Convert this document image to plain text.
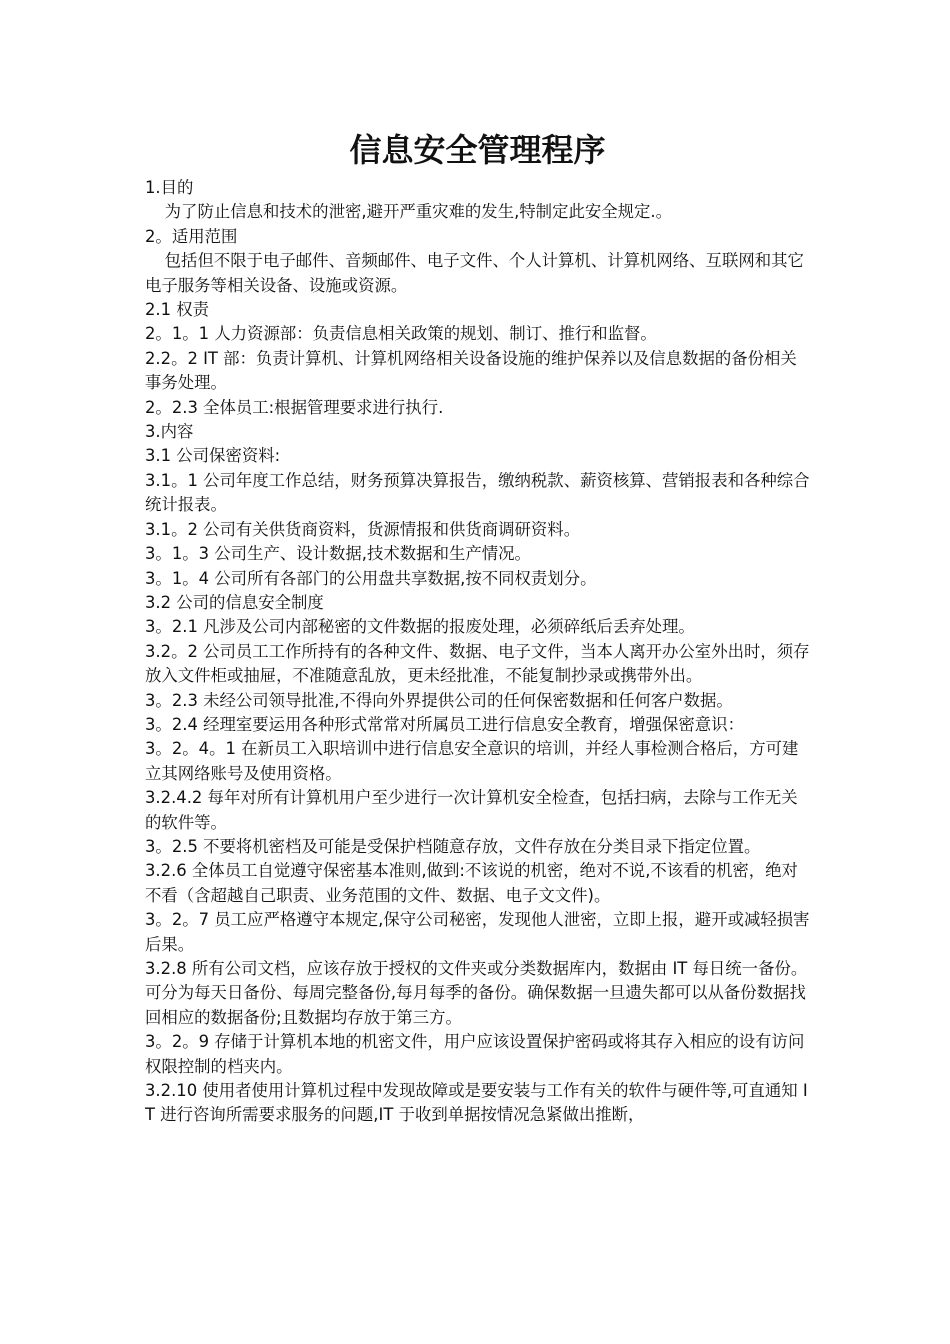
信息安全管理程序

1.目的

为了防止信息和技术的泄密,避开严重灾难的发生,特制定此安全规定.。

2。适用范围

包括但不限于电子邮件、音频邮件、电子文件、个人计算机、计算机网络、互联网和其它电子服务等相关设备、设施或资源。

2.1 权责

2。1。1 人力资源部：负责信息相关政策的规划、制订、推行和监督。

2.2。2 IT 部：负责计算机、计算机网络相关设备设施的维护保养以及信息数据的备份相关事务处理。

2。2.3 全体员工:根据管理要求进行执行.

3.内容

3.1 公司保密资料:

3.1。1 公司年度工作总结，财务预算决算报告，缴纳税款、薪资核算、营销报表和各种综合统计报表。

3.1。2 公司有关供货商资料，货源情报和供货商调研资料。

3。1。3 公司生产、设计数据,技术数据和生产情况。

3。1。4 公司所有各部门的公用盘共享数据,按不同权责划分。

3.2 公司的信息安全制度

3。2.1 凡涉及公司内部秘密的文件数据的报废处理，必须碎纸后丢弃处理。

3.2。2 公司员工工作所持有的各种文件、数据、电子文件，当本人离开办公室外出时，须存放入文件柜或抽屉，不准随意乱放，更未经批准，不能复制抄录或携带外出。

3。2.3 未经公司领导批准,不得向外界提供公司的任何保密数据和任何客户数据。

3。2.4 经理室要运用各种形式常常对所属员工进行信息安全教育，增强保密意识：

3。2。4。1 在新员工入职培训中进行信息安全意识的培训，并经人事检测合格后，方可建立其网络账号及使用资格。

3.2.4.2 每年对所有计算机用户至少进行一次计算机安全检查，包括扫病，去除与工作无关的软件等。

3。2.5 不要将机密档及可能是受保护档随意存放，文件存放在分类目录下指定位置。

3.2.6 全体员工自觉遵守保密基本准则,做到:不该说的机密，绝对不说,不该看的机密，绝对不看（含超越自己职责、业务范围的文件、数据、电子文文件)。

3。2。7 员工应严格遵守本规定,保守公司秘密，发现他人泄密，立即上报，避开或减轻损害后果。

3.2.8 所有公司文档，应该存放于授权的文件夹或分类数据库内，数据由 IT 每日统一备份。可分为每天日备份、每周完整备份,每月每季的备份。确保数据一旦遗失都可以从备份数据找回相应的数据备份;且数据均存放于第三方。

3。2。9 存储于计算机本地的机密文件，用户应该设置保护密码或将其存入相应的设有访问权限控制的档夹内。

3.2.10 使用者使用计算机过程中发现故障或是要安装与工作有关的软件与硬件等,可直通知 IT 进行咨询所需要求服务的问题,IT 于收到单据按情况急紧做出推断，
